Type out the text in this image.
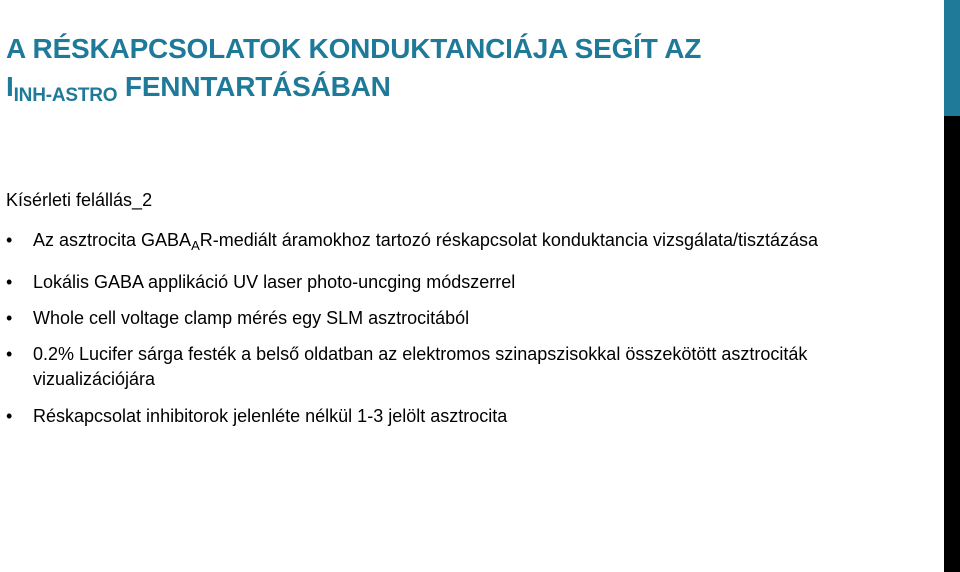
A RÉSKAPCSOLATOK KONDUKTANCIÁJA SEGÍT AZ
$I_{INH-ASTRO}$ FENNTARTÁSÁBAN
Kísérleti felállás_2
• Az asztrocita $GABA_AR$-mediált áramokhoz tartozó réskapcsolat konduktancia vizsgálata/tisztázása
• Lokális GABA applikáció UV laser photo-uncging módszerrel
• Whole cell voltage clamp mérés egy SLM asztrocitából
• 0.2% Lucifer sárga festék a belső oldatban az elektromos szinapszisokkal összekötött asztrociták vizualizációjára
• Réskapcsolat inhibitorok jelenléte nélkül 1-3 jelölt asztrocita
